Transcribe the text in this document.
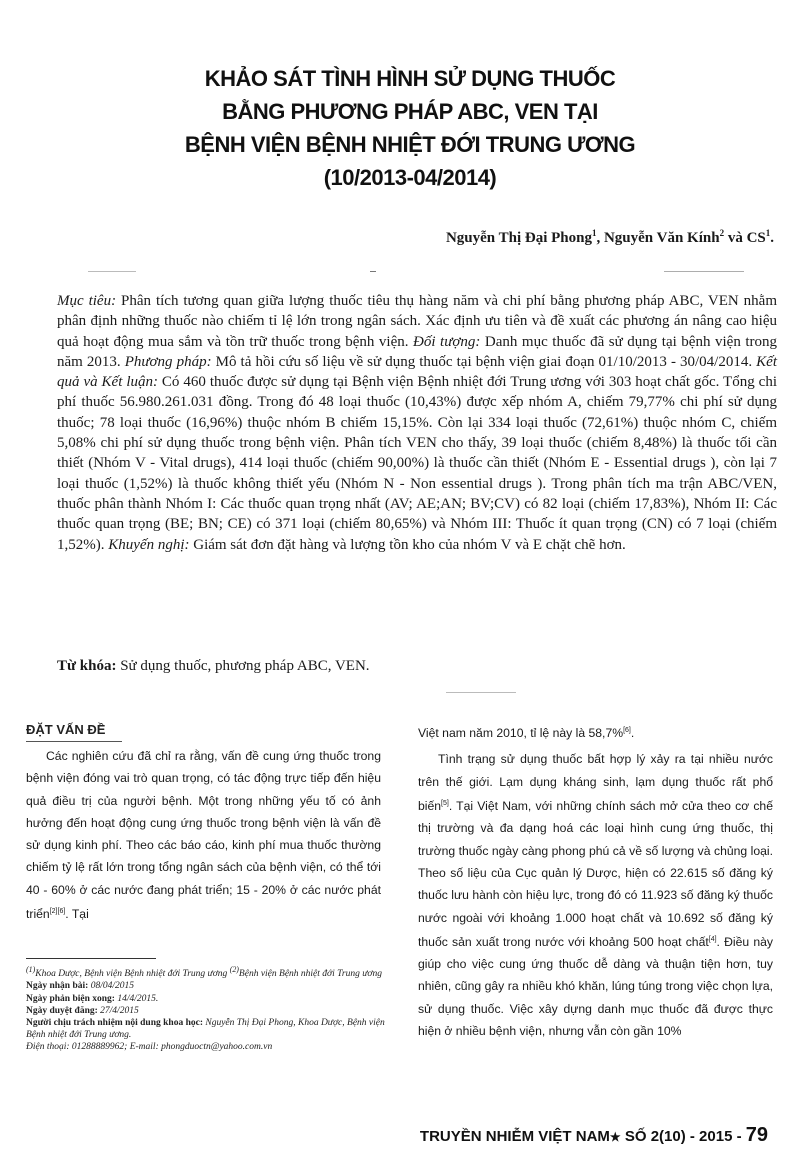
KHẢO SÁT TÌNH HÌNH SỬ DỤNG THUỐC
BẰNG PHƯƠNG PHÁP ABC, VEN TẠI
BỆNH VIỆN BỆNH NHIỆT ĐỚI TRUNG ƯƠNG
(10/2013-04/2014)
Nguyễn Thị Đại Phong$^1$, Nguyễn Văn Kính$^2$ và $CS^1$.
Mục tiêu: Phân tích tương quan giữa lượng thuốc tiêu thụ hàng năm và chi phí bằng phương pháp ABC, VEN nhằm phân định những thuốc nào chiếm tỉ lệ lớn trong ngân sách. Xác định ưu tiên và đề xuất các phương án nâng cao hiệu quả hoạt động mua sắm và tồn trữ thuốc trong bệnh viện. Đối tượng: Danh mục thuốc đã sử dụng tại bệnh viện trong năm 2013. Phương pháp: Mô tả hồi cứu số liệu về sử dụng thuốc tại bệnh viện giai đoạn 01/10/2013 - 30/04/2014. Kết quả và Kết luận: Có 460 thuốc được sử dụng tại Bệnh viện Bệnh nhiệt đới Trung ương với 303 hoạt chất gốc. Tổng chi phí thuốc 56.980.261.031 đồng. Trong đó 48 loại thuốc (10,43%) được xếp nhóm A, chiếm 79,77% chi phí sử dụng thuốc; 78 loại thuốc (16,96%) thuộc nhóm B chiếm 15,15%. Còn lại 334 loại thuốc (72,61%) thuộc nhóm C, chiếm 5,08% chi phí sử dụng thuốc trong bệnh viện. Phân tích VEN cho thấy, 39 loại thuốc (chiếm 8,48%) là thuốc tối cần thiết (Nhóm V - Vital drugs), 414 loại thuốc (chiếm 90,00%) là thuốc cần thiết (Nhóm E - Essential drugs ), còn lại 7 loại thuốc (1,52%) là thuốc không thiết yếu (Nhóm N - Non essential drugs ). Trong phân tích ma trận ABC/VEN, thuốc phân thành Nhóm I: Các thuốc quan trọng nhất (AV; AE;AN; BV;CV) có 82 loại (chiếm 17,83%), Nhóm II: Các thuốc quan trọng (BE; BN; CE) có 371 loại (chiếm 80,65%) và Nhóm III: Thuốc ít quan trọng (CN) có 7 loại (chiếm 1,52%). Khuyến nghị: Giám sát đơn đặt hàng và lượng tồn kho của nhóm V và E chặt chẽ hơn.
Từ khóa: Sử dụng thuốc, phương pháp ABC, VEN.
ĐẶT VẤN ĐỀ

Các nghiên cứu đã chỉ ra rằng, vấn đề cung ứng thuốc trong bệnh viện đóng vai trò quan trọng, có tác động trực tiếp đến hiệu quả điều trị của người bệnh. Một trong những yếu tố có ảnh hưởng đến hoạt động cung ứng thuốc trong bệnh viện là vấn đề sử dụng kinh phí. Theo các báo cáo, kinh phí mua thuốc thường chiếm tỷ lệ rất lớn trong tổng ngân sách của bệnh viện, có thể tới 40 - 60% ở các nước đang phát triển; 15 - 20% ở các nước phát triển[2][6]. Tại

Việt nam năm 2010, tỉ lệ này là 58,7%[6].

Tình trạng sử dụng thuốc bất hợp lý xảy ra tại nhiều nước trên thế giới. Lạm dụng kháng sinh, lạm dụng thuốc rất phổ biến[5]. Tại Việt Nam, với những chính sách mở cửa theo cơ chế thị trường và đa dạng hoá các loại hình cung ứng thuốc, thị trường thuốc ngày càng phong phú cả về số lượng và chủng loại. Theo số liệu của Cục quản lý Dược, hiện có 22.615 số đăng ký thuốc lưu hành còn hiệu lực, trong đó có 11.923 số đăng ký thuốc nước ngoài với khoảng 1.000 hoạt chất và 10.692 số đăng ký thuốc sản xuất trong nước với khoảng 500 hoạt chất[4]. Điều này giúp cho việc cung ứng thuốc dễ dàng và thuận tiện hơn, tuy nhiên, cũng gây ra nhiều khó khăn, lúng túng trong việc chọn lựa, sử dụng thuốc. Việc xây dựng danh mục thuốc đã được thực hiện ở nhiều bệnh viện, nhưng vẫn còn gần 10%

$^{(1)}$Khoa Dược, Bệnh viện Bệnh nhiệt đới Trung ương $^{(2)}$Bệnh viện Bệnh nhiệt đới Trung ương
Ngày nhận bài: 08/04/2015
Ngày phản biện xong: 14/4/2015.
Ngày duyệt đăng: 27/4/2015
Người chịu trách nhiệm nội dung khoa học: Nguyễn Thị Đại Phong, Khoa Dược, Bệnh viện Bệnh nhiệt đới Trung ương.
Điện thoại: 01288889962; E-mail: phongduoctn@yahoo.com.vn
TRUYỀN NHIỄM VIỆT NAM★ SỐ 2(10) - 2015 - 79
